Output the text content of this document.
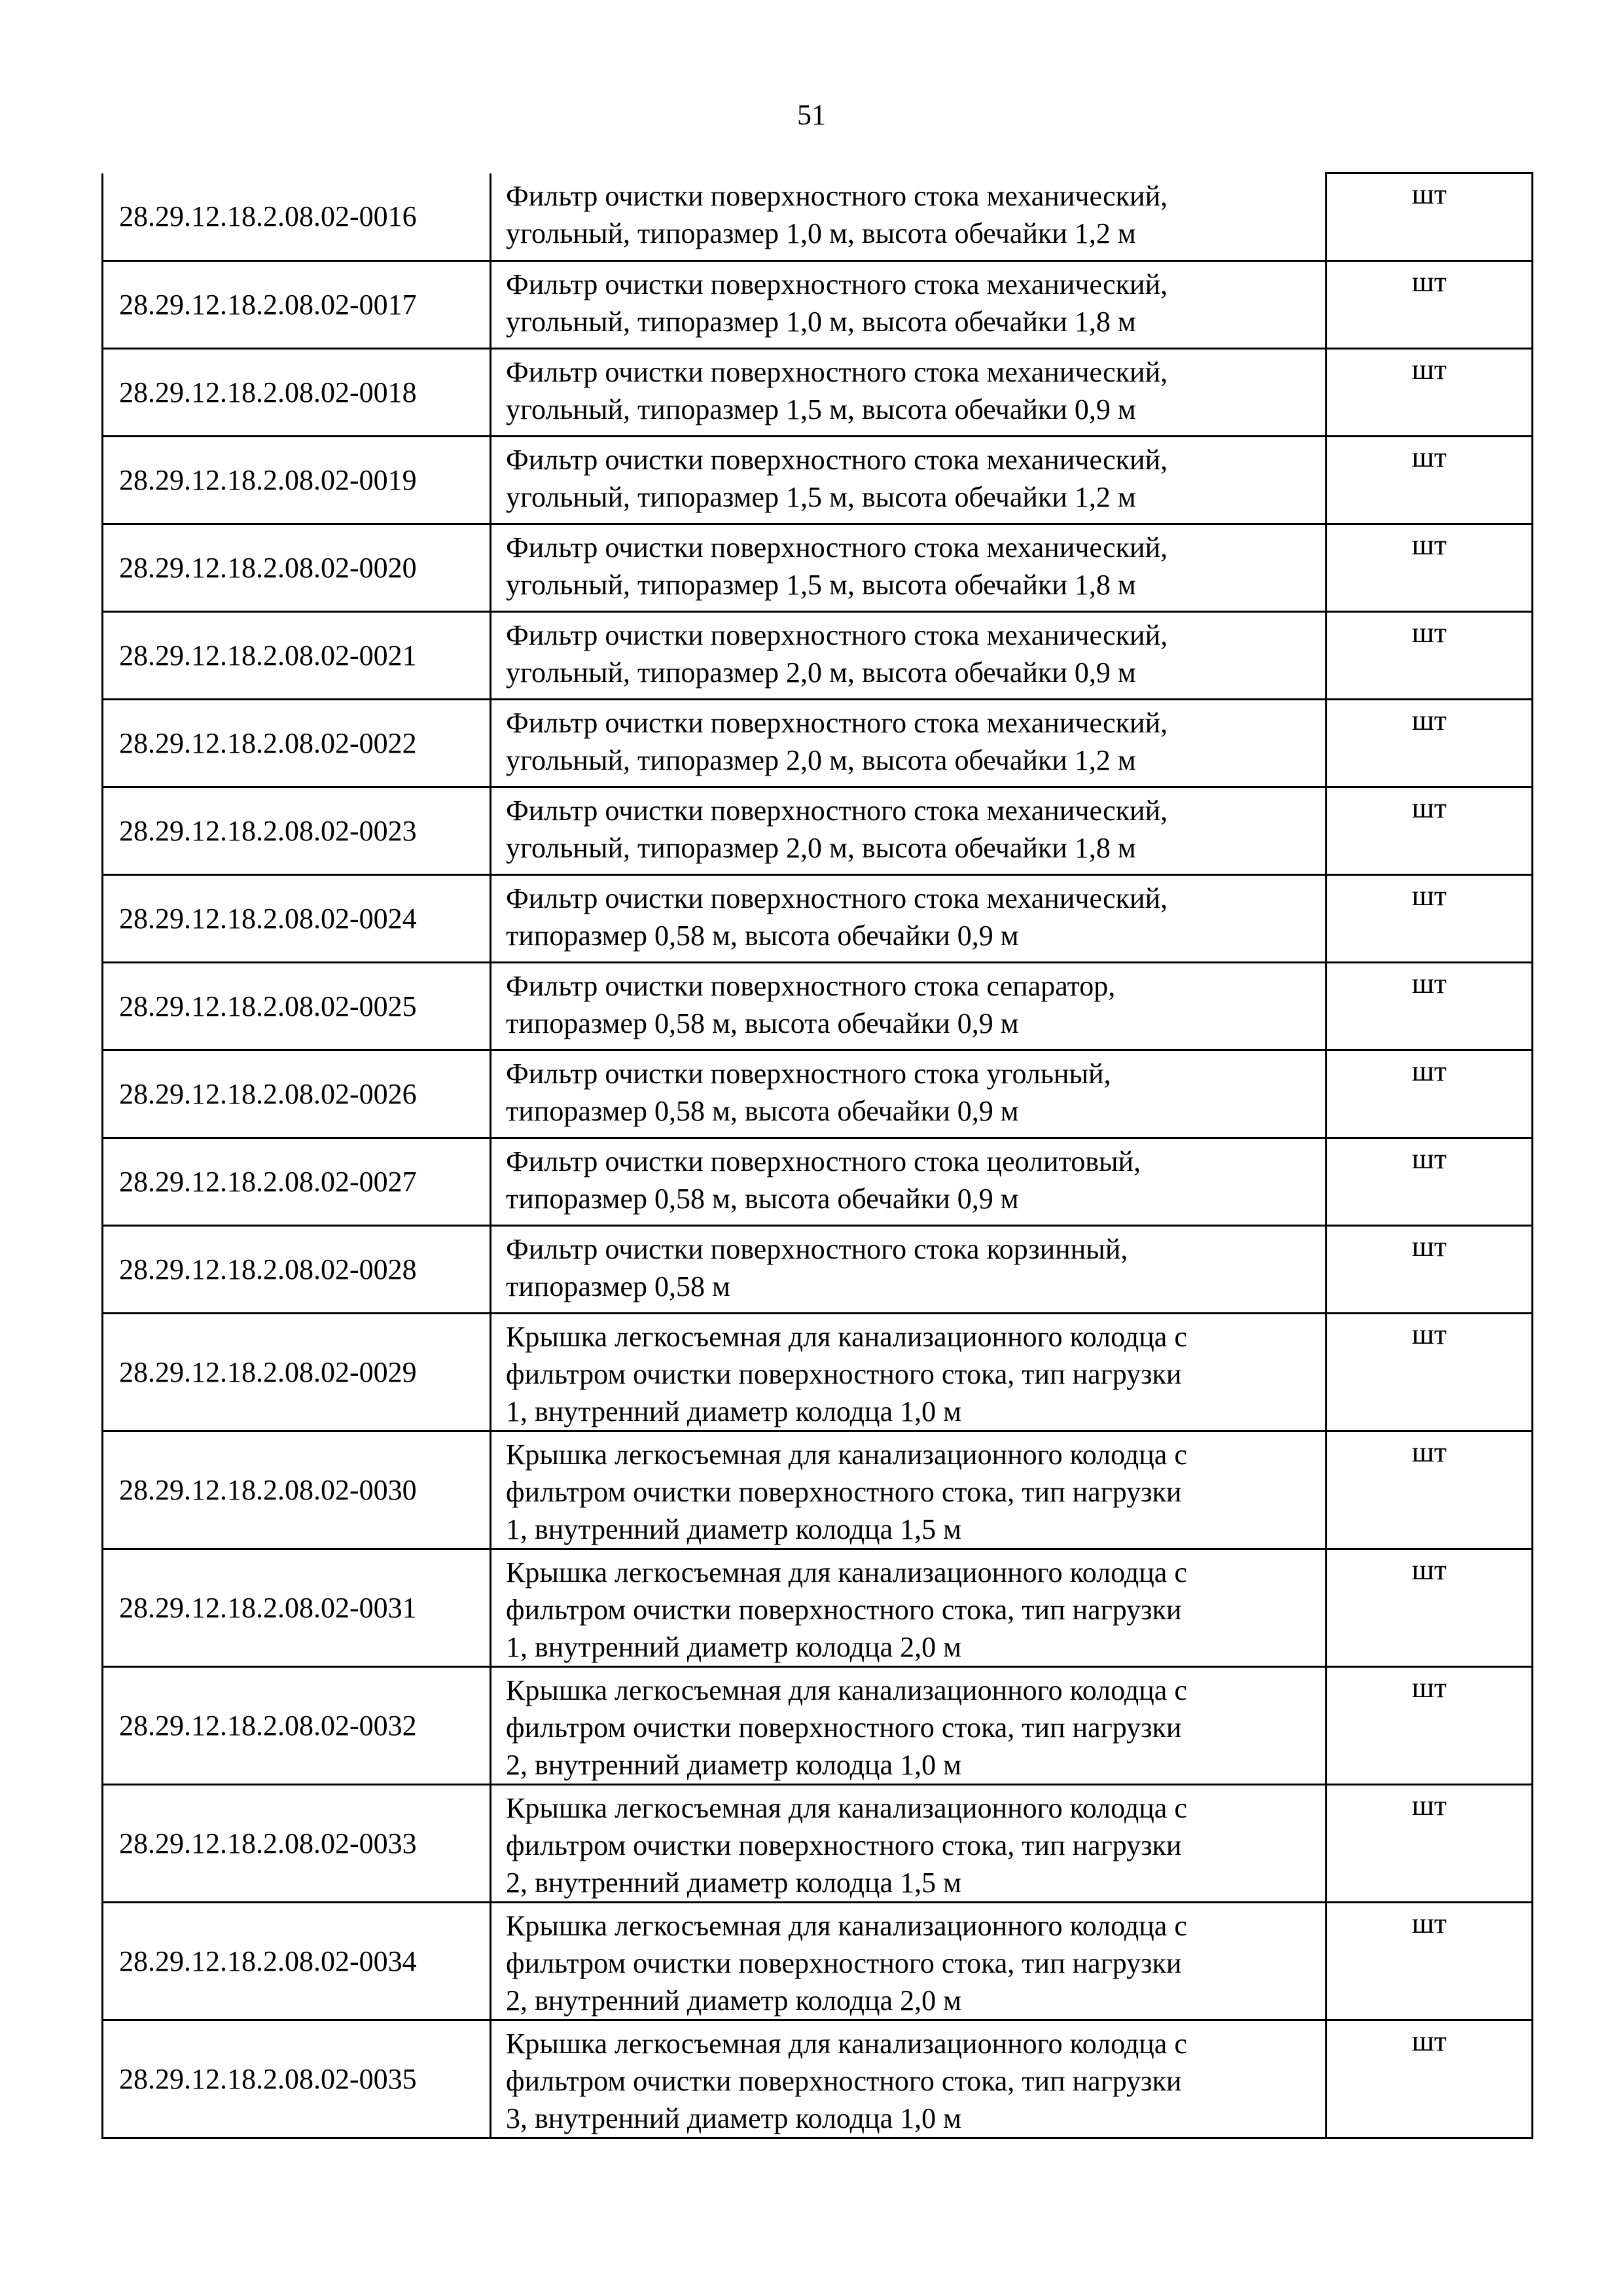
51
28.29.12.18.2.08.02-0016	Фильтр очистки поверхностного стока механический,
угольный, типоразмер 1,0 м, высота обечайки 1,2 м	шт
28.29.12.18.2.08.02-0017	Фильтр очистки поверхностного стока механический,
угольный, типоразмер 1,0 м, высота обечайки 1,8 м	шт
28.29.12.18.2.08.02-0018	Фильтр очистки поверхностного стока механический,
угольный, типоразмер 1,5 м, высота обечайки 0,9 м	шт
28.29.12.18.2.08.02-0019	Фильтр очистки поверхностного стока механический,
угольный, типоразмер 1,5 м, высота обечайки 1,2 м	шт
28.29.12.18.2.08.02-0020	Фильтр очистки поверхностного стока механический,
угольный, типоразмер 1,5 м, высота обечайки 1,8 м	шт
28.29.12.18.2.08.02-0021	Фильтр очистки поверхностного стока механический,
угольный, типоразмер 2,0 м, высота обечайки 0,9 м	шт
28.29.12.18.2.08.02-0022	Фильтр очистки поверхностного стока механический,
угольный, типоразмер 2,0 м, высота обечайки 1,2 м	шт
28.29.12.18.2.08.02-0023	Фильтр очистки поверхностного стока механический,
угольный, типоразмер 2,0 м, высота обечайки 1,8 м	шт
28.29.12.18.2.08.02-0024	Фильтр очистки поверхностного стока механический,
типоразмер 0,58 м, высота обечайки 0,9 м	шт
28.29.12.18.2.08.02-0025	Фильтр очистки поверхностного стока сепаратор,
типоразмер 0,58 м, высота обечайки 0,9 м	шт
28.29.12.18.2.08.02-0026	Фильтр очистки поверхностного стока угольный,
типоразмер 0,58 м, высота обечайки 0,9 м	шт
28.29.12.18.2.08.02-0027	Фильтр очистки поверхностного стока цеолитовый,
типоразмер 0,58 м, высота обечайки 0,9 м	шт
28.29.12.18.2.08.02-0028	Фильтр очистки поверхностного стока корзинный,
типоразмер 0,58 м	шт
28.29.12.18.2.08.02-0029	Крышка легкосъемная для канализационного колодца с
фильтром очистки поверхностного стока, тип нагрузки
1, внутренний диаметр колодца 1,0 м	шт
28.29.12.18.2.08.02-0030	Крышка легкосъемная для канализационного колодца с
фильтром очистки поверхностного стока, тип нагрузки
1, внутренний диаметр колодца 1,5 м	шт
28.29.12.18.2.08.02-0031	Крышка легкосъемная для канализационного колодца с
фильтром очистки поверхностного стока, тип нагрузки
1, внутренний диаметр колодца 2,0 м	шт
28.29.12.18.2.08.02-0032	Крышка легкосъемная для канализационного колодца с
фильтром очистки поверхностного стока, тип нагрузки
2, внутренний диаметр колодца 1,0 м	шт
28.29.12.18.2.08.02-0033	Крышка легкосъемная для канализационного колодца с
фильтром очистки поверхностного стока, тип нагрузки
2, внутренний диаметр колодца 1,5 м	шт
28.29.12.18.2.08.02-0034	Крышка легкосъемная для канализационного колодца с
фильтром очистки поверхностного стока, тип нагрузки
2, внутренний диаметр колодца 2,0 м	шт
28.29.12.18.2.08.02-0035	Крышка легкосъемная для канализационного колодца с
фильтром очистки поверхностного стока, тип нагрузки
3, внутренний диаметр колодца 1,0 м	шт
